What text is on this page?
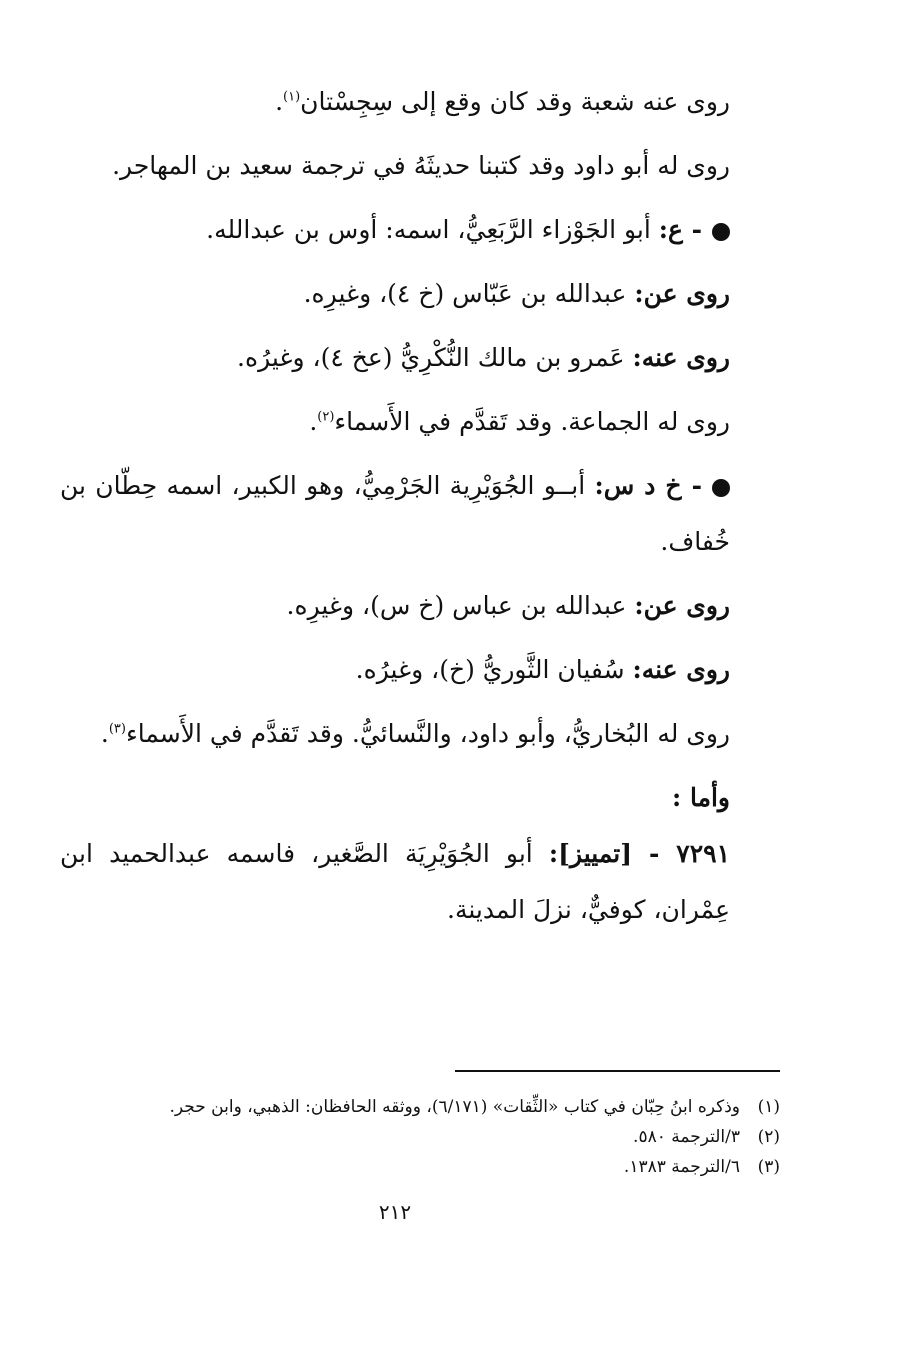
روى عنه شعبة وقد كان وقع إلى سِجِسْتان$^{(١)}$.

روى له أبو داود وقد كتبنا حديثَهُ في ترجمة سعيد بن المهاجر.

- ع: أبو الجَوْزاء الرَّبَعِيُّ، اسمه: أوس بن عبدالله.

روى عن: عبدالله بن عَبّاس (خ ٤)، وغيرِه.

روى عنه: عَمرو بن مالك النُّكْرِيُّ (عخ ٤)، وغيرُه.

روى له الجماعة. وقد تَقدَّم في الأَسماء$^{(٢)}$.

- خ د س: أبــو الجُوَيْرِية الجَرْمِيُّ، وهو الكبير، اسمه حِطّان بن خُفاف.

روى عن: عبدالله بن عباس (خ س)، وغيرِه.

روى عنه: سُفيان الثَّوريُّ (خ)، وغيرُه.

روى له البُخاريُّ، وأبو داود، والنَّسائيُّ. وقد تَقدَّم في الأَسماء$^{(٣)}$.

وأما :

٧٢٩١ - [تمييز]: أبو الجُوَيْرِيَة الصَّغير، فاسمه عبدالحميد ابن عِمْران، كوفيٌّ، نزلَ المدينة.

(١)
وذكره ابنُ حِبّان في كتاب «الثِّقات» (٦/١٧١)، ووثقه الحافظان: الذهبي، وابن حجر.
(٢)
٣/الترجمة ٥٨٠.
(٣)
٦/الترجمة ١٣٨٣.
٢١٢
